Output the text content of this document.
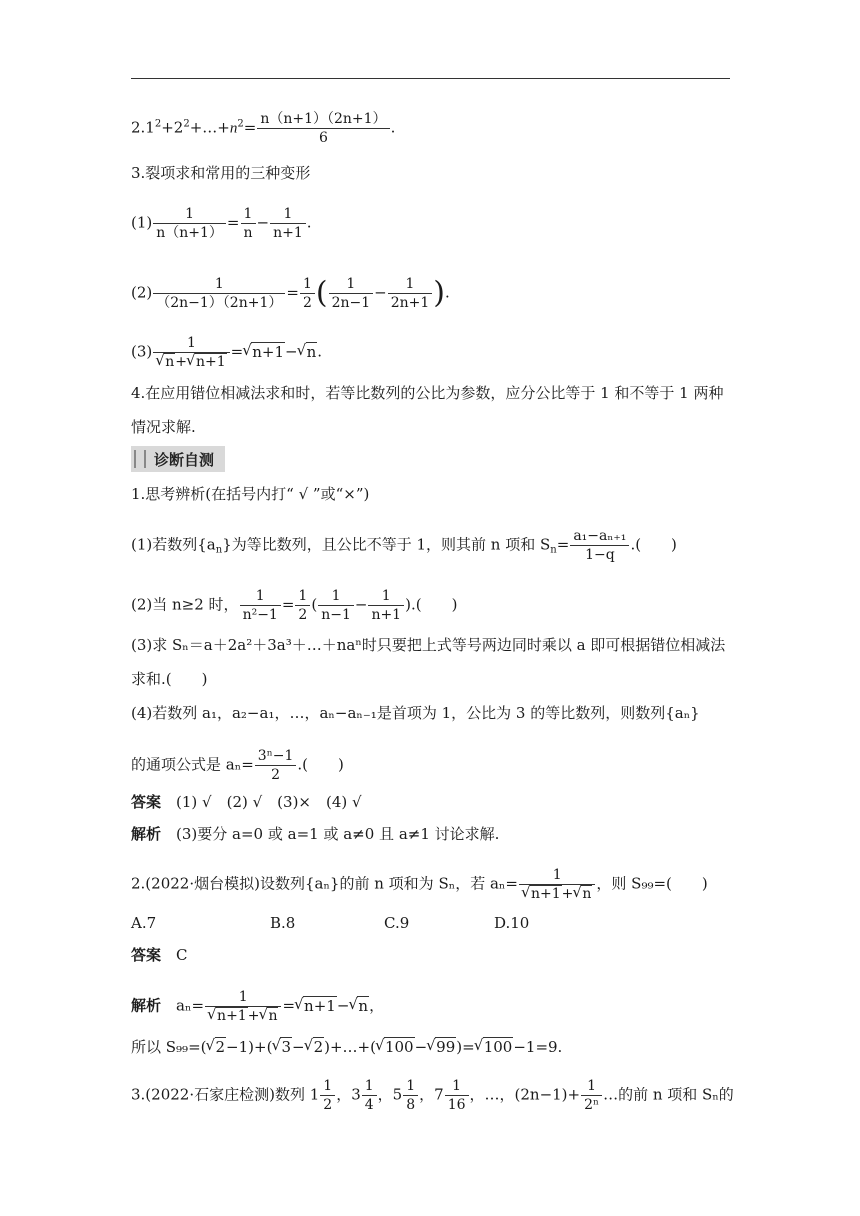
$2.1^2+2^2+\dots+n^2= \frac{n(n+1)(2n+1)}{6}$ .
3.裂项求和常用的三种变形
$(1) \frac{1}{n(n+1)} = \frac{1}{n} - \frac{1}{n+1}$ .
$(2) \frac{1}{(2n-1)(2n+1)} = \frac{1}{2}$ ( $\frac{1}{2n-1} - \frac{1}{2n+1}$ ).
(3) 1
√ n+ √ n+1 = √ n+1− √ n.
4.在应用错位相减法求和时，若等比数列的公比为参数，应分公比等于 1 和不等于 1 两种情况求解.
诊断自测
1.思考辨析(在括号内打“ √ ”或“×”)
(1)若数列$\{a_n\}$为等比数列，且公比不等于 1，则其前 n 项和 $S_n= \frac{\text{a₁−aₙ₊₁}}{1-q}$ .(　　)
(2)当 n≥2 时， $\frac{1}{\text{n²−1}} = \frac{1}{2}$ ( $\frac{1}{n-1} - \frac{1}{n+1}$ ).(　　)
(3)求 Sₙ＝a＋2a²＋3a³＋…＋naⁿ时只要把上式等号两边同时乘以 a 即可根据错位相减法求和.(　　)
(4)若数列 a₁，a₂−a₁，…，aₙ−aₙ₋₁是首项为 1，公比为 3 的等比数列，则数列{aₙ}
的通项公式是 $a_n= \frac{\text{3ⁿ−1}}{2}$ .(　　)
答案　 (1) √　(2) √　(3)×　(4) √
解析　 (3)要分 a=0 或 a=1 或 a≠0 且 a≠1 讨论求解.
2.(2022·烟台模拟)设数列{aₙ}的前 n 项和为 Sₙ，若 aₙ= 1
√ n+1+ √ n ，则 S₉₉=(　　)
A.7	B.8	C.9	D.10
答案　 C
解析　 aₙ= 1
√ n+1+ √ n = √ n+1− √ n，
所以 S₉₉=( √ 2−1)+( √ 3− √ 2)+…+( √ 100− √ 99)= √ 100−1=9.
3.(2022·石家庄检测)数列 $1 \frac{1}{2}$ ，$3 \frac{1}{4}$ ，$5 \frac{1}{8}$ ，$7 \frac{1}{16}$ ，…，$(2n-1)+ \frac{1}{\text{2ⁿ}}$ …的前 n 项和 Sₙ的
